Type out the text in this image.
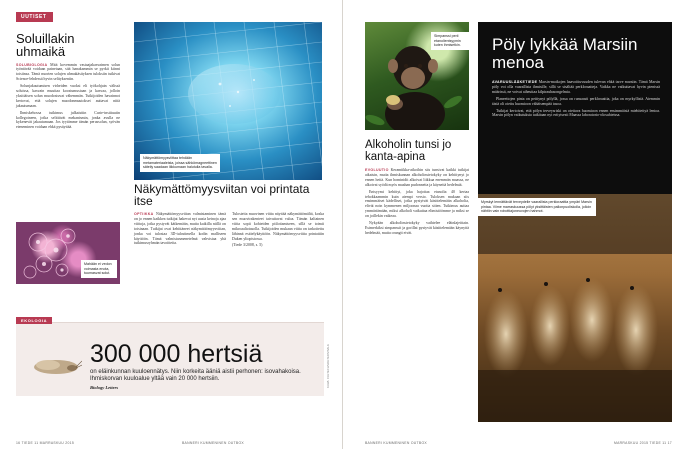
UUTISET
Soluillakin uhmaikä
SOLUBIOLOGIA Mitä kovemmin vastaajakasvaimen solun työntävää voidaan painetaan, sitä hanakammin se pyrkii kiinni toisiinsa. Tämä nuorten solujen uhmakäsityksen tuloksiin tutkivat Science-lehdessä hyvin selitykseniin.
Solunjakautumisen virheiden vuoksi eli työkohjain välissä soluissa, kasvain muuttaa koostumustaan ja kasvaa, jolloin yksittäisen solun muodostuvat vähemmän. Tutkijoiden havainnot kertovat, että solujen muodonmuutokset auttavat niitä jakautumaan.
Ihmiskehossa tutkimus julkaistiin Curie-instituutin kollegoineen, jotka selittävät mekanismin, jonka avulla ne kykenevät jakautumaan. Jos tyytämme tämän perussolun, syövän eteneminen voidaan ehkä pysäyttää.
Mahään ei vedon voimasta enota, tuumasvat solut.
Näkymättömyysviittaa tehdään metamateriaaleista, joissa sähkömagneettinen säteily saadaan liikkumaan halutulla tavalla.
Näkymättömyysviitan voi printata itse
OPTIIKKA Näkymättömyysviitan valmistaminen tämä on jo ennen kaikkea tutkijat hakevat nyt uusia keinoja ajaa viittoja, jotka pystyvät kätkemään, mutta kaikilla niillä on toisinaan. Tutkijat ovat kehittäneet näkymättömyysviitan, jonka voi tulostaa 3D-tulostimella kodin malliseen käyttöön. Tämä valmistusmenetelmä vahvistaa yhä tutkimusryhmän tavoitteita.
Tulosteita muovinen viitta näyttää näkymättömältä, koska sen muovirakenteet taivuttavat valoa. Tämän kaltainen viitta sopii kohteiden piilottamiseen, sillä se toimii mikroaaltotasolla. Tutkijoiden mukaan viitta on tarkoitettu lähinnä esittelykäyttöön. Näkymättömyysviitta printattiin Duken yliopistossa.
(Tiede 3/2008, s. 5)
EKOLOGIA
300 000 hertsiä
on eläinkunnan kuuloennätys. Niin korkeita ääniä aistii perhonen: isovahakoisa. Ihmiskorvan kuuloalue yltää vain 20 000 hertsiin.
Biology Letters	KUVA: CALTECH/WALTERS/SALA
16 TIEDE 11 MARRASKUU 2015	BANNERI KUMMENINEN OUTBOX
Simpanssi perii etanolientsyymin kuten ihmisetkin.
Alkoholin tunsi jo kanta-apina
EVOLUUTIO Keramiikka-aikoihin siis tunsivat kaikki tutkijat aikaisin, mutta ihmiskunnan alkoholinsietokyky on kehittynyt jo ennen heitä. Kun hominidit alkoivat liikkua enemmän maassa, ne alkoivat syödä myös maahan pudonneita ja käyneitä hedelmiä.
Entsyymi kehittyi, joka hajottaa etanolia 40 kertaa tehokkaammin kuin aiempi versio. Tuloksen mukaan siis ensimmäiset kädelliset, jotka pystyivät käsittelemään alkoholia, elivät noin kymmenen miljoonaa vuotta sitten. Tutkimus auttaa ymmärtämään, miksi alkoholi vaikuttaa elimistöömme ja miksi se on joillekin vaikeaa.
Nykyään alkoholinsietokyky vaihtelee eläinlajeittain. Esimerkiksi simpanssit ja gorillat pystyvät käsittelemään käynyttä hedelmää, mutta orangit eivät.
Pöly lykkää Marsiin menoa
AVARUUSLÄÄKETIEDE Marsin-matkojen haavoittuvuuden tulevan ehkä tarve marsiin. Tämä Marsin pöly voi olla vaarallista ihmisille, sillä se sisältää perkloraatteja. Vaikka ne vaikuttavat hyvin pienissä määrissä, ne voivat aiheuttaa kilpirauhasongelmia.
Planeettojen pinta on peittynyt pölyllä, jossa on runsaasti perkloraattia, joka on myrkyllistä. Aiemmin tästä oli otettu huomioon vähäisempää tasoa.
Tutkijat kertoivat, että pölyn terveysriski on otettava huomioon ennen ensimmäistä miehitettyä lentoa. Marsin pölyn vaikutuksia tutkitaan nyt erityisesti Maassa laboratorio-olosuhteissa.
Myrskyt lennättävät terveydelle vaarallista perkloraattia ympäri Marsin pintaa. Viime marraskuussa pölyt yksittäisten pallonpuoliskolla, jolloin nähtiin vain robottiajoneuvojen hahmot.
BANNERI KUMMENINEN OUTBOX	MARRASKUU 2015 TIEDE 11 17
